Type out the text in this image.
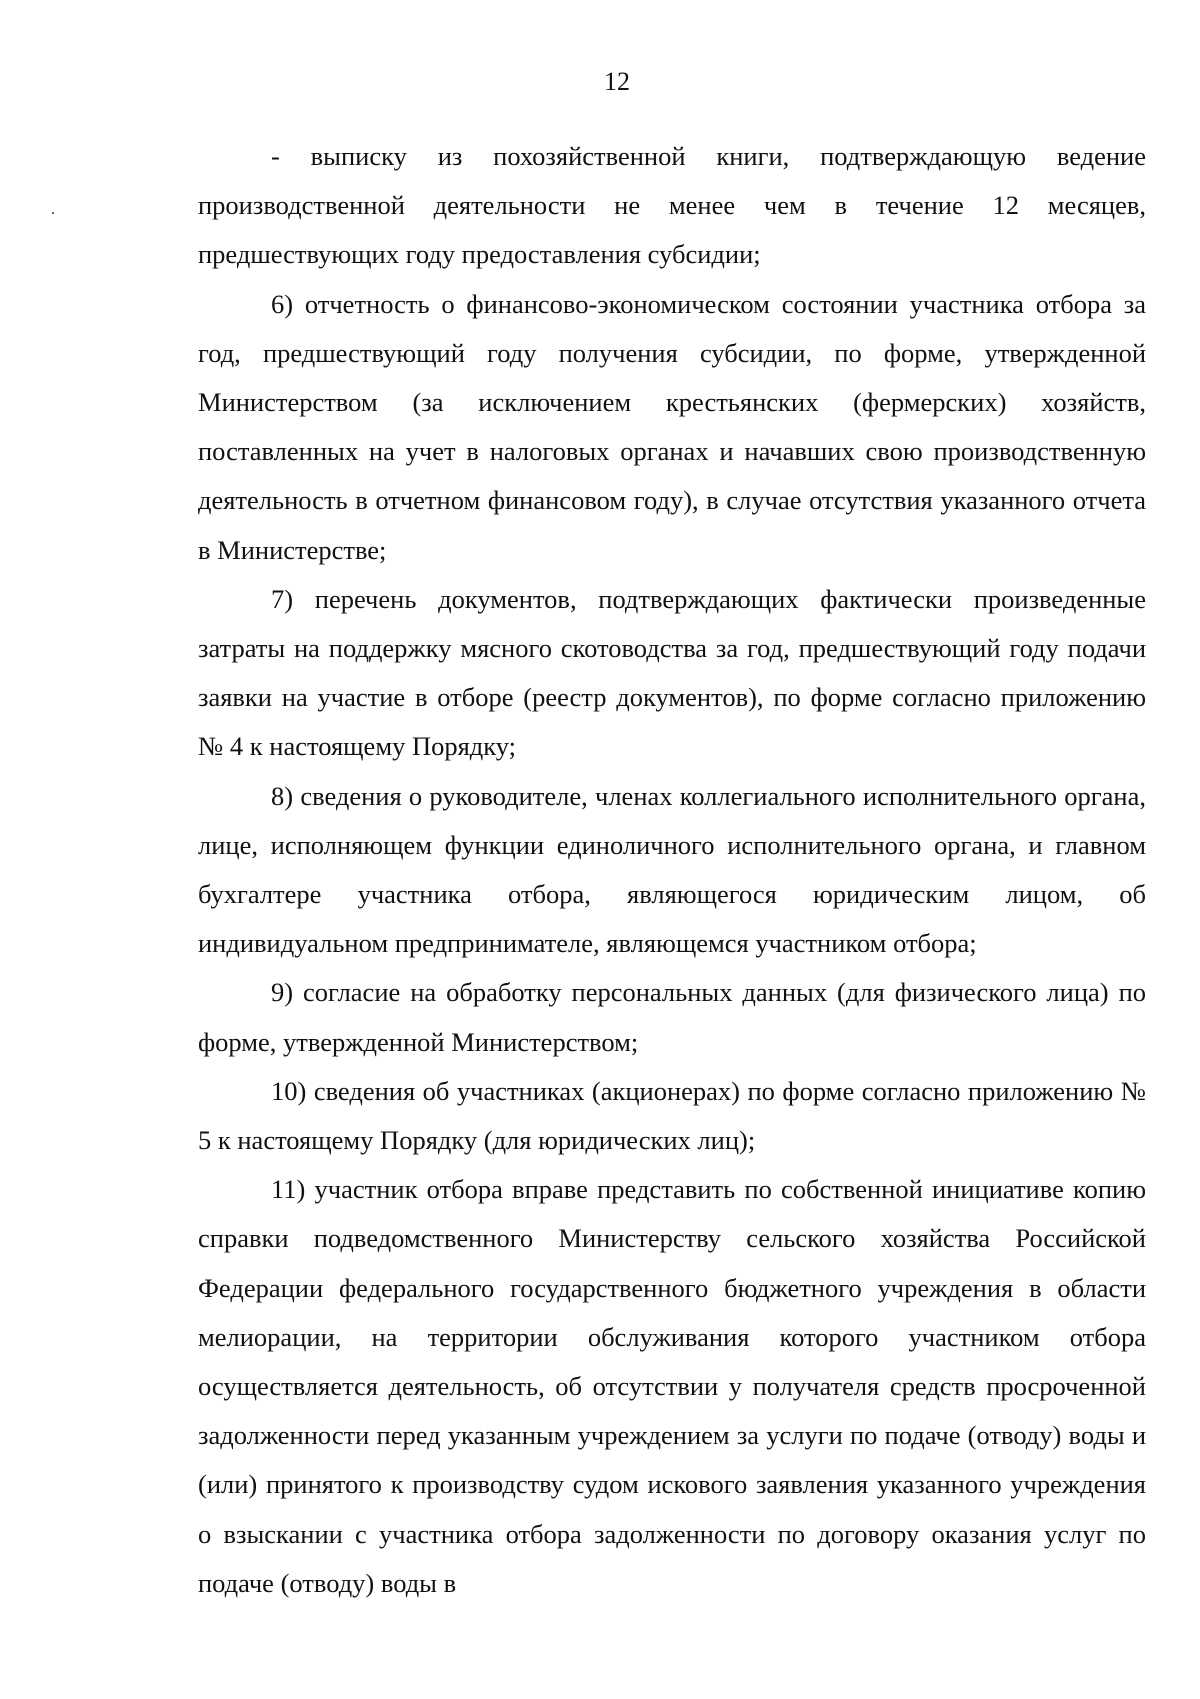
12

- выписку из похозяйственной книги, подтверждающую ведение производственной деятельности не менее чем в течение 12 месяцев, предшествующих году предоставления субсидии;

6) отчетность о финансово-экономическом состоянии участника отбора за год, предшествующий году получения субсидии, по форме, утвержденной Министерством (за исключением крестьянских (фермерских) хозяйств, поставленных на учет в налоговых органах и начавших свою производственную деятельность в отчетном финансовом году), в случае отсутствия указанного отчета в Министерстве;

7) перечень документов, подтверждающих фактически произведенные затраты на поддержку мясного скотоводства за год, предшествующий году подачи заявки на участие в отборе (реестр документов), по форме согласно приложению № 4 к настоящему Порядку;

8) сведения о руководителе, членах коллегиального исполнительного органа, лице, исполняющем функции единоличного исполнительного органа, и главном бухгалтере участника отбора, являющегося юридическим лицом, об индивидуальном предпринимателе, являющемся участником отбора;

9) согласие на обработку персональных данных (для физического лица) по форме, утвержденной Министерством;

10) сведения об участниках (акционерах) по форме согласно приложению № 5 к настоящему Порядку (для юридических лиц);

11) участник отбора вправе представить по собственной инициативе копию справки подведомственного Министерству сельского хозяйства Российской Федерации федерального государственного бюджетного учреждения в области мелиорации, на территории обслуживания которого участником отбора осуществляется деятельность, об отсутствии у получателя средств просроченной задолженности перед указанным учреждением за услуги по подаче (отводу) воды и (или) принятого к производству судом искового заявления указанного учреждения о взыскании с участника отбора задолженности по договору оказания услуг по подаче (отводу) воды в
